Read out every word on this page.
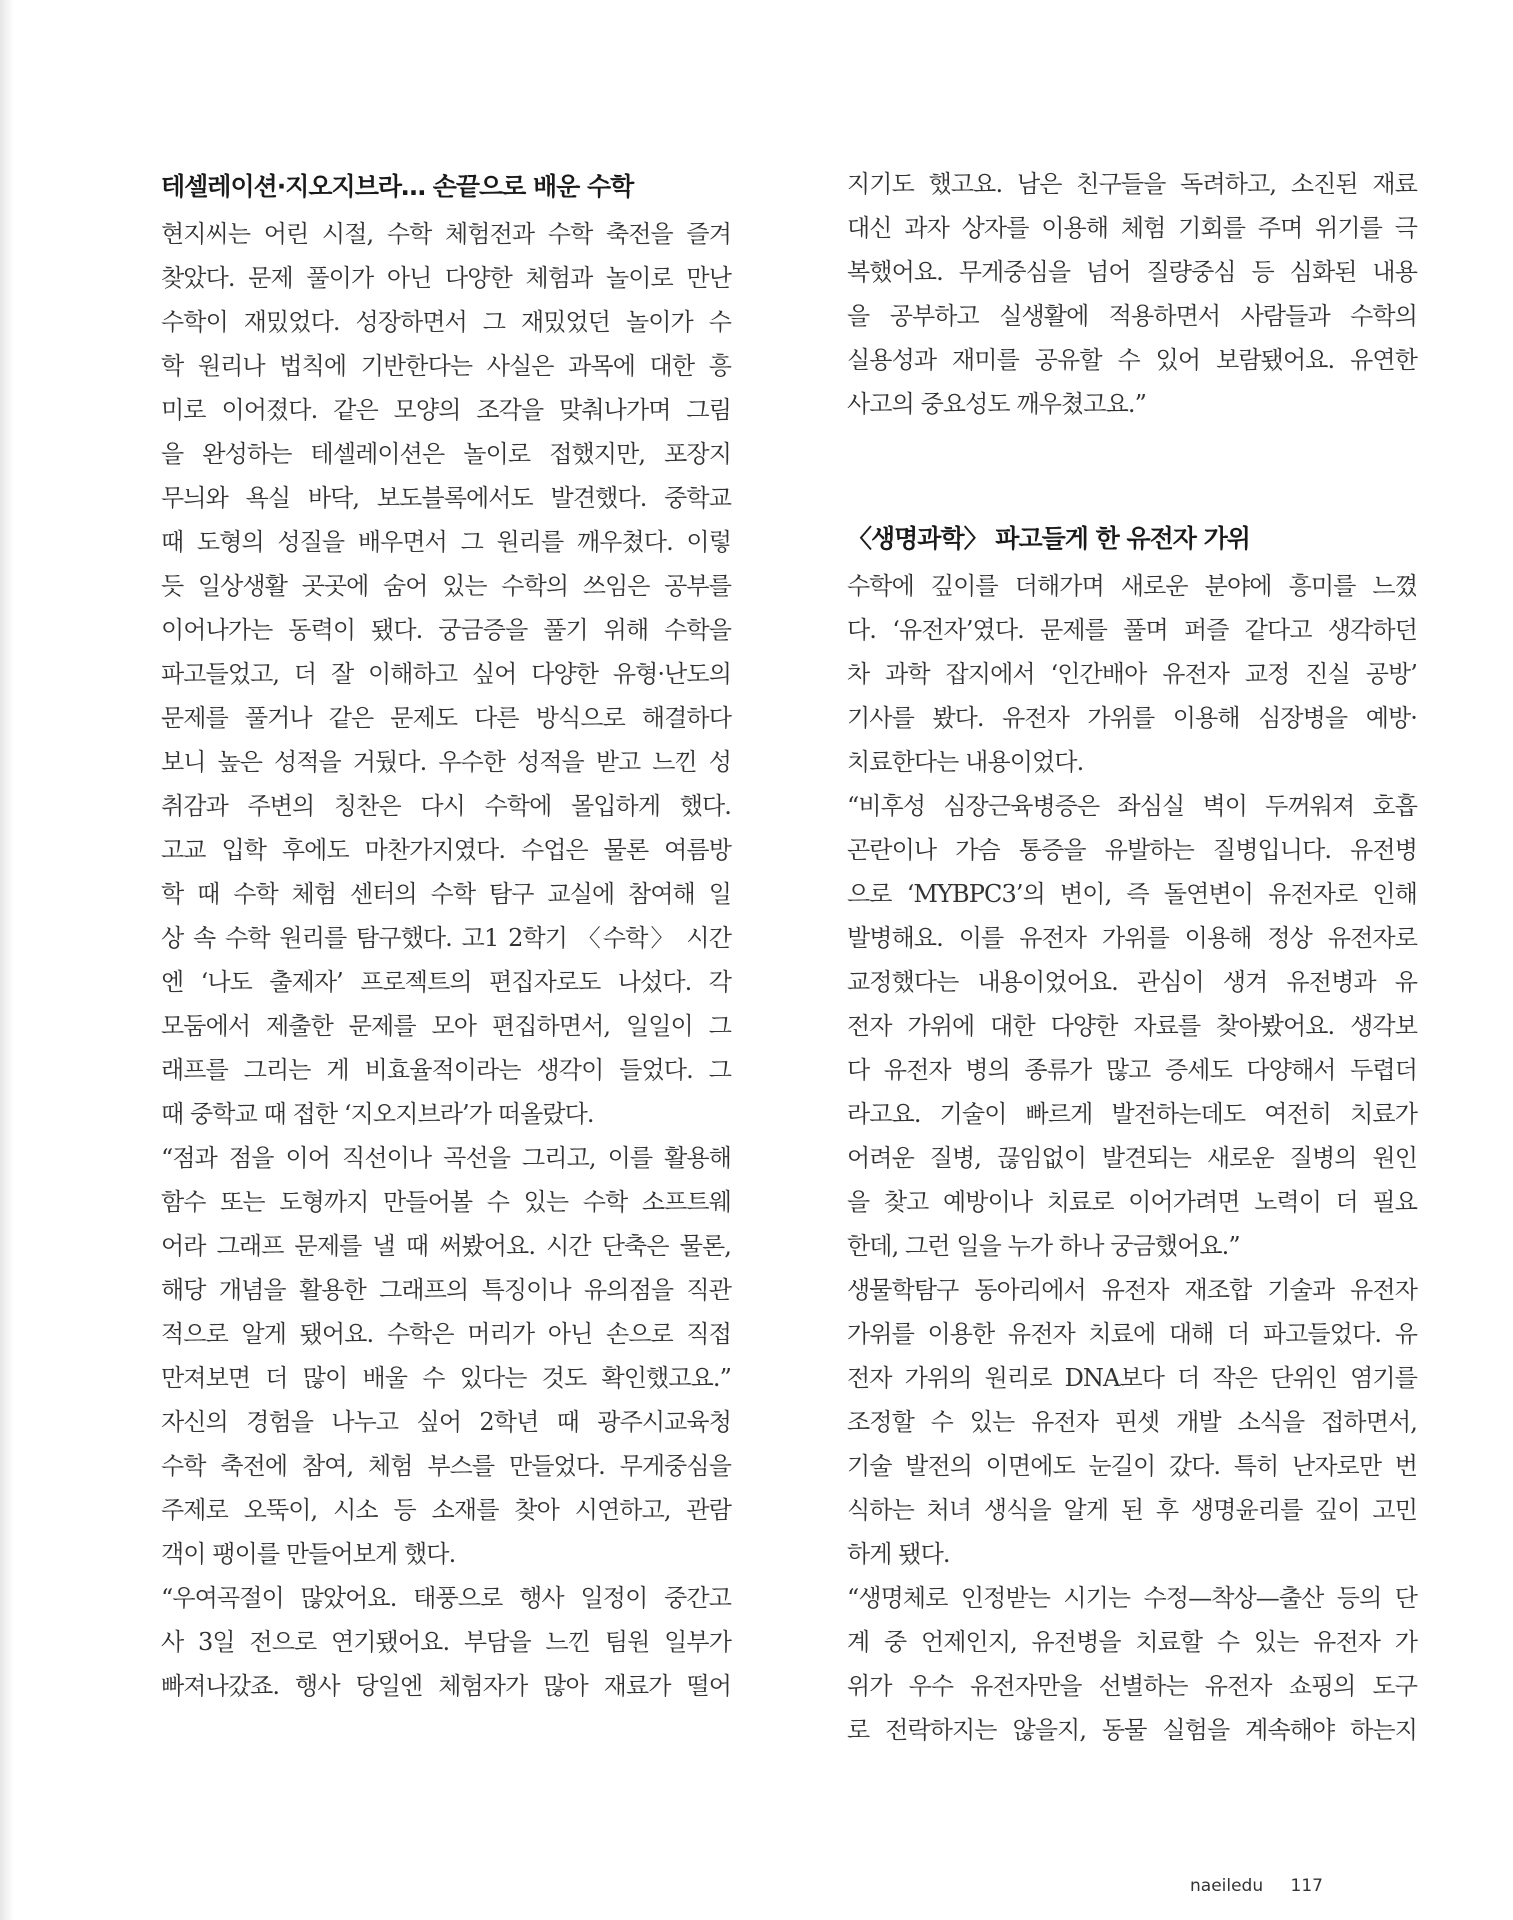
테셀레이션·지오지브라… 손끝으로 배운 수학

현지씨는 어린 시절, 수학 체험전과 수학 축전을 즐겨

찾았다. 문제 풀이가 아닌 다양한 체험과 놀이로 만난

수학이 재밌었다. 성장하면서 그 재밌었던 놀이가 수

학 원리나 법칙에 기반한다는 사실은 과목에 대한 흥

미로 이어졌다. 같은 모양의 조각을 맞춰나가며 그림

을 완성하는 테셀레이션은 놀이로 접했지만, 포장지

무늬와 욕실 바닥, 보도블록에서도 발견했다. 중학교

때 도형의 성질을 배우면서 그 원리를 깨우쳤다. 이렇

듯 일상생활 곳곳에 숨어 있는 수학의 쓰임은 공부를

이어나가는 동력이 됐다. 궁금증을 풀기 위해 수학을

파고들었고, 더 잘 이해하고 싶어 다양한 유형·난도의

문제를 풀거나 같은 문제도 다른 방식으로 해결하다

보니 높은 성적을 거뒀다. 우수한 성적을 받고 느낀 성

취감과 주변의 칭찬은 다시 수학에 몰입하게 했다.

고교 입학 후에도 마찬가지였다. 수업은 물론 여름방

학 때 수학 체험 센터의 수학 탐구 교실에 참여해 일

상 속 수학 원리를 탐구했다. 고1 2학기 〈수학〉 시간

엔 ‘나도 출제자’ 프로젝트의 편집자로도 나섰다. 각

모둠에서 제출한 문제를 모아 편집하면서, 일일이 그

래프를 그리는 게 비효율적이라는 생각이 들었다. 그

때 중학교 때 접한 ‘지오지브라’가 떠올랐다.

“점과 점을 이어 직선이나 곡선을 그리고, 이를 활용해

함수 또는 도형까지 만들어볼 수 있는 수학 소프트웨

어라 그래프 문제를 낼 때 써봤어요. 시간 단축은 물론,

해당 개념을 활용한 그래프의 특징이나 유의점을 직관

적으로 알게 됐어요. 수학은 머리가 아닌 손으로 직접

만져보면 더 많이 배울 수 있다는 것도 확인했고요.”

자신의 경험을 나누고 싶어 2학년 때 광주시교육청

수학 축전에 참여, 체험 부스를 만들었다. 무게중심을

주제로 오뚝이, 시소 등 소재를 찾아 시연하고, 관람

객이 팽이를 만들어보게 했다.

“우여곡절이 많았어요. 태풍으로 행사 일정이 중간고

사 3일 전으로 연기됐어요. 부담을 느낀 팀원 일부가

빠져나갔죠. 행사 당일엔 체험자가 많아 재료가 떨어

지기도 했고요. 남은 친구들을 독려하고, 소진된 재료

대신 과자 상자를 이용해 체험 기회를 주며 위기를 극

복했어요. 무게중심을 넘어 질량중심 등 심화된 내용

을 공부하고 실생활에 적용하면서 사람들과 수학의

실용성과 재미를 공유할 수 있어 보람됐어요. 유연한

사고의 중요성도 깨우쳤고요.”

〈생명과학〉 파고들게 한 유전자 가위

수학에 깊이를 더해가며 새로운 분야에 흥미를 느꼈

다. ‘유전자’였다. 문제를 풀며 퍼즐 같다고 생각하던

차 과학 잡지에서 ‘인간배아 유전자 교정 진실 공방’

기사를 봤다. 유전자 가위를 이용해 심장병을 예방·

치료한다는 내용이었다.

“비후성 심장근육병증은 좌심실 벽이 두꺼워져 호흡

곤란이나 가슴 통증을 유발하는 질병입니다. 유전병

으로 ‘MYBPC3’의 변이, 즉 돌연변이 유전자로 인해

발병해요. 이를 유전자 가위를 이용해 정상 유전자로

교정했다는 내용이었어요. 관심이 생겨 유전병과 유

전자 가위에 대한 다양한 자료를 찾아봤어요. 생각보

다 유전자 병의 종류가 많고 증세도 다양해서 두렵더

라고요. 기술이 빠르게 발전하는데도 여전히 치료가

어려운 질병, 끊임없이 발견되는 새로운 질병의 원인

을 찾고 예방이나 치료로 이어가려면 노력이 더 필요

한데, 그런 일을 누가 하나 궁금했어요.”

생물학탐구 동아리에서 유전자 재조합 기술과 유전자

가위를 이용한 유전자 치료에 대해 더 파고들었다. 유

전자 가위의 원리로 DNA보다 더 작은 단위인 염기를

조정할 수 있는 유전자 핀셋 개발 소식을 접하면서,

기술 발전의 이면에도 눈길이 갔다. 특히 난자로만 번

식하는 처녀 생식을 알게 된 후 생명윤리를 깊이 고민

하게 됐다.

“생명체로 인정받는 시기는 수정—착상—출산 등의 단

계 중 언제인지, 유전병을 치료할 수 있는 유전자 가

위가 우수 유전자만을 선별하는 유전자 쇼핑의 도구

로 전락하지는 않을지, 동물 실험을 계속해야 하는지

naeiledu 117
